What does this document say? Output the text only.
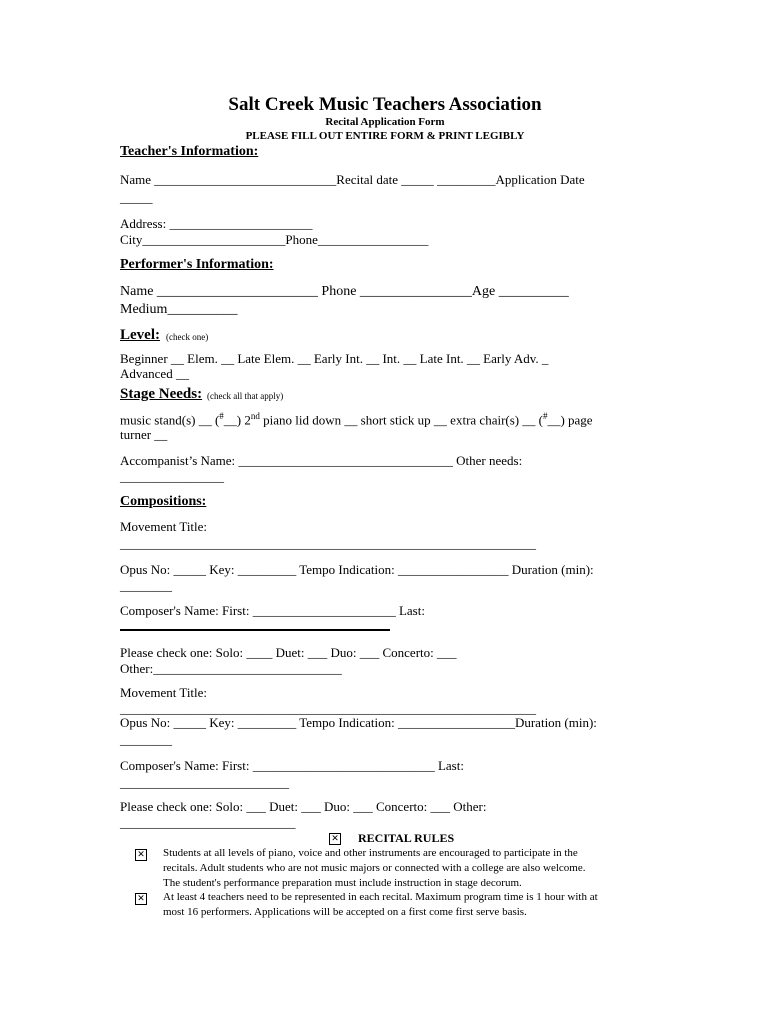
Salt Creek Music Teachers Association
Recital Application Form
PLEASE FILL OUT ENTIRE FORM & PRINT LEGIBLY
Teacher's Information:
Name ____________________________Recital date _____ _________Application Date
_____
Address: ______________________
City______________________Phone_________________
Performer's Information:
Name _______________________ Phone ________________Age __________
Medium__________
Level: (check one)
Beginner __ Elem. __ Late Elem. __ Early Int. __ Int. __ Late Int. __ Early Adv. _
Advanced __
Stage Needs: (check all that apply)
music stand(s) __ (#__) 2nd piano lid down __ short stick up __ extra chair(s) __ (#__) page
turner __
Accompanist’s Name: _________________________________ Other needs:
________________
Compositions:
Movement Title:
________________________________________________________________
Opus No: _____ Key: _________ Tempo Indication: _________________ Duration (min):
________
Composer's Name: First: ______________________ Last:
Please check one: Solo: ____ Duet: ___ Duo: ___ Concerto: ___
Other:_____________________________
Movement Title:
________________________________________________________________
Opus No: _____ Key: _________ Tempo Indication: __________________Duration (min):
________
Composer's Name: First: ____________________________ Last:
__________________________
Please check one: Solo: ___ Duet: ___ Duo: ___ Concerto: ___ Other:
___________________________
✕ RECITAL RULES
✕ Students at all levels of piano, voice and other instruments are encouraged to participate in the
recitals. Adult students who are not music majors or connected with a college are also welcome.
The student's performance preparation must include instruction in stage decorum.
✕ At least 4 teachers need to be represented in each recital. Maximum program time is 1 hour with at
most 16 performers. Applications will be accepted on a first come first serve basis.
